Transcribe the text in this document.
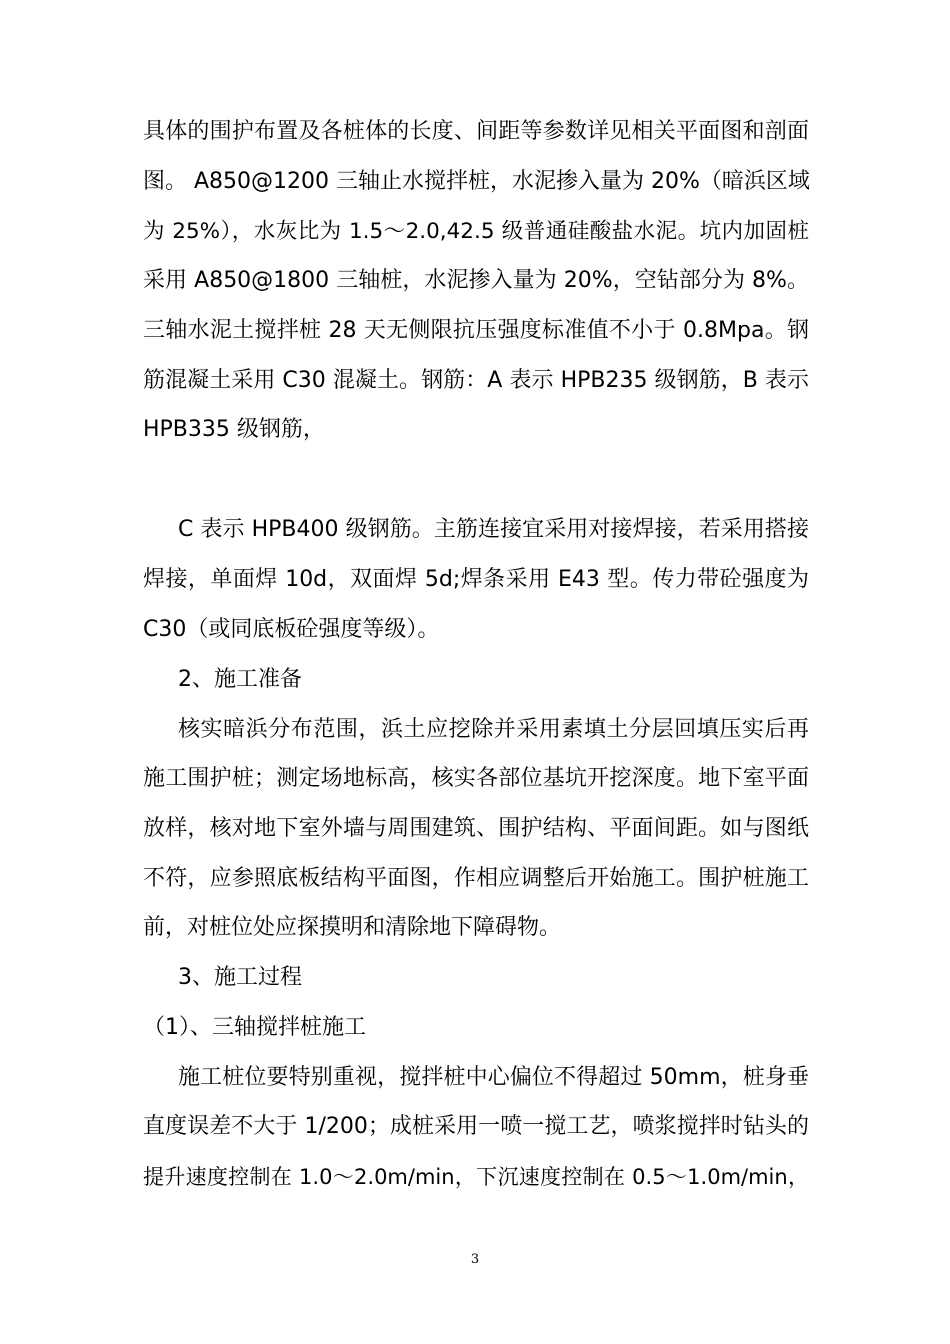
具体的围护布置及各桩体的长度、间距等参数详见相关平面图和剖面
图。 A850@1200 三轴止水搅拌桩，水泥掺入量为 20%（暗浜区域
为 25%），水灰比为 1.5～2.0,42.5 级普通硅酸盐水泥。坑内加固桩
采用 A850@1800 三轴桩，水泥掺入量为 20%，空钻部分为 8%。
三轴水泥土搅拌桩 28 天无侧限抗压强度标准值不小于 0.8Mpa。钢
筋混凝土采用 C30 混凝土。钢筋：A 表示 HPB235 级钢筋，B 表示
HPB335 级钢筋，
C 表示 HPB400 级钢筋。主筋连接宜采用对接焊接，若采用搭接
焊接，单面焊 10d，双面焊 5d;焊条采用 E43 型。传力带砼强度为
C30（或同底板砼强度等级）。
2、施工准备
核实暗浜分布范围，浜土应挖除并采用素填土分层回填压实后再
施工围护桩；测定场地标高，核实各部位基坑开挖深度。地下室平面
放样，核对地下室外墙与周围建筑、围护结构、平面间距。如与图纸
不符，应参照底板结构平面图，作相应调整后开始施工。围护桩施工
前，对桩位处应探摸明和清除地下障碍物。
3、施工过程
（1）、三轴搅拌桩施工
施工桩位要特别重视，搅拌桩中心偏位不得超过 50mm，桩身垂
直度误差不大于 1/200；成桩采用一喷一搅工艺，喷浆搅拌时钻头的
提升速度控制在 1.0～2.0m/min，下沉速度控制在 0.5～1.0m/min，
3
